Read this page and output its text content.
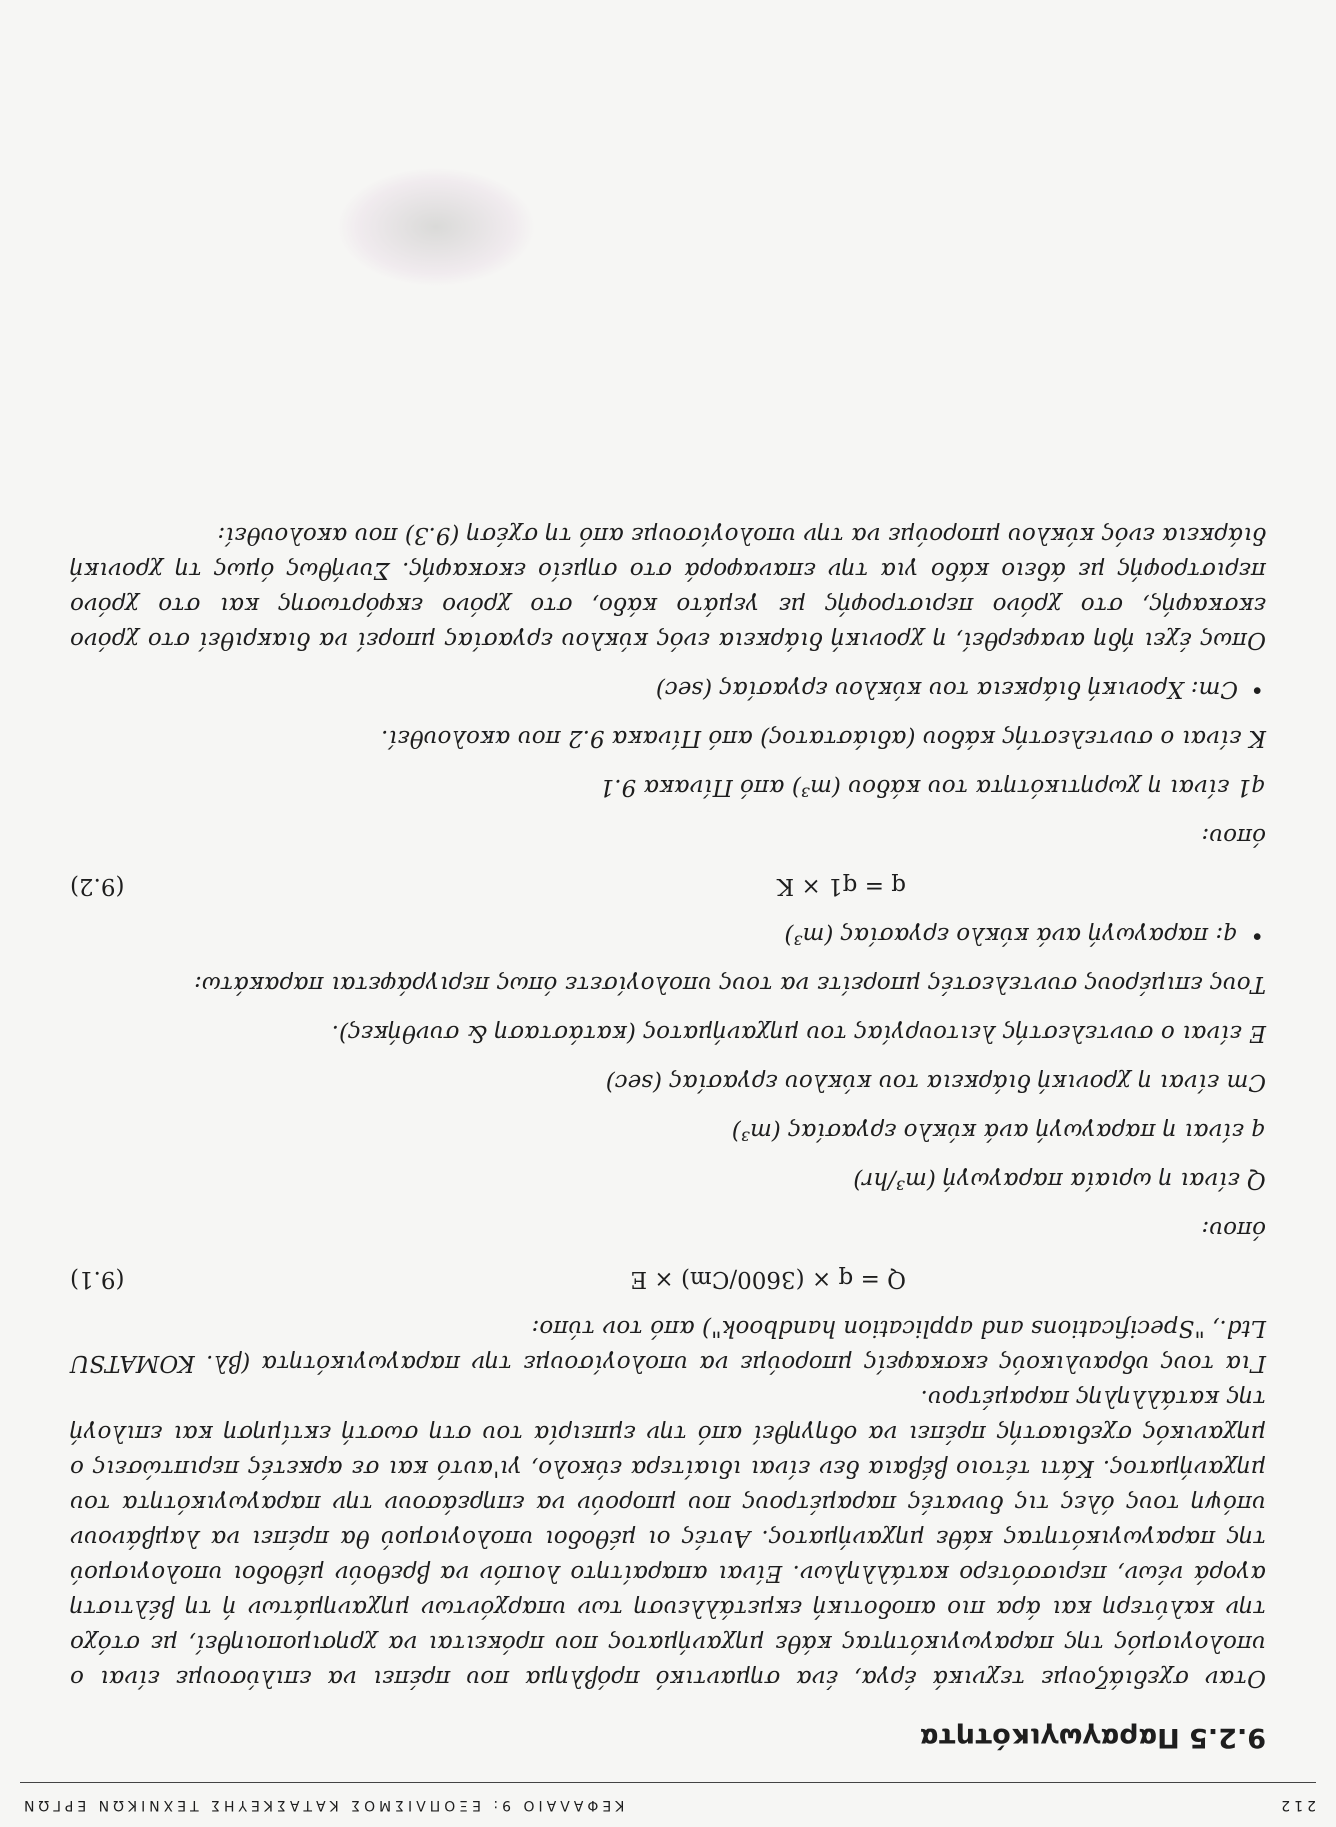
212
ΚΕΦΑΛΑΙΟ 9: ΕΞΟΠΛΙΣΜΟΣ ΚΑΤΑΣΚΕΥΗΣ ΤΕΧΝΙΚΩΝ ΕΡΓΩΝ
9.2.5 Παραγωγικότητα

Οταν σχεδιάζουμε τεχνικά έργα, ένα σημαντικό πρόβλημα που πρέπει να επιλύσουμε είναι ο υπολογισμός της παραγωγικότητας κάθε μηχανήματος που πρόκειται να χρησιμοποιηθεί, με στόχο την καλύτερη και άρα πιο αποδοτική εκμετάλλευση των υπαρχόντων μηχανημάτων ή τη βέλτιστη αγορά νέων, περισσότερο κατάλληλων. Είναι απαραίτητο λοιπόν να βρεθούν μέθοδοι υπολογισμού της παραγωγικότητας κάθε μηχανήματος. Αυτές οι μέθοδοι υπολογισμού θα πρέπει να λαμβάνουν υπόψη τους όλες τις δυνατές παραμέτρους που μπορούν να επηρεάσουν την παραγωγικότητα του μηχανήματος. Κάτι τέτοιο βέβαια δεν είναι ιδιαίτερα εύκολο, γι'αυτό και σε αρκετές περιπτώσεις ο μηχανικός σχεδιαστής πρέπει να οδηγηθεί από την εμπειρία του στη σωστή εκτίμηση και επιλογή της κατάλληλης παραμέτρου.

Για τους υδραυλικούς εκσκαφείς μπορούμε να υπολογίσουμε την παραγωγικότητα (βλ. KOMATSU Ltd., "Specifications and application handbook") από τον τύπο:

Q = q × (3600/Cm) × E
(9.1)

όπου:

Q είναι η ωριαία παραγωγή (m³/hr)

q είναι η παραγωγή ανά κύκλο εργασίας (m³)

Cm είναι η χρονική διάρκεια του κύκλου εργασίας (sec)

E είναι ο συντελεστής λειτουργίας του μηχανήματος (κατάσταση & συνθήκες).

Τους επιμέρους συντελεστές μπορείτε να τους υπολογίσετε όπως περιγράφεται παρακάτω:

• q: παραγωγή ανά κύκλο εργασίας (m³)

q = q1 × K
(9.2)

όπου:

q1 είναι η χωρητικότητα του κάδου (m³) από Πίνακα 9.1

K είναι ο συντελεστής κάδου (αδιάστατος) από Πίνακα 9.2 που ακολουθεί.

• Cm: Χρονική διάρκεια του κύκλου εργασίας (sec)

Οπως έχει ήδη αναφερθεί, η χρονική διάρκεια ενός κύκλου εργασίας μπορεί να διακριθεί στο χρόνο εκσκαφής, στο χρόνο περιστροφής με γεμάτο κάδο, στο χρόνο εκφόρτωσης και στο χρόνο περιστροφής με άδειο κάδο για την επαναφορά στο σημείο εκσκαφής. Συνήθως όμως τη χρονική διάρκεια ενός κύκλου μπορούμε να την υπολογίσουμε από τη σχέση (9.3) που ακολουθεί:
